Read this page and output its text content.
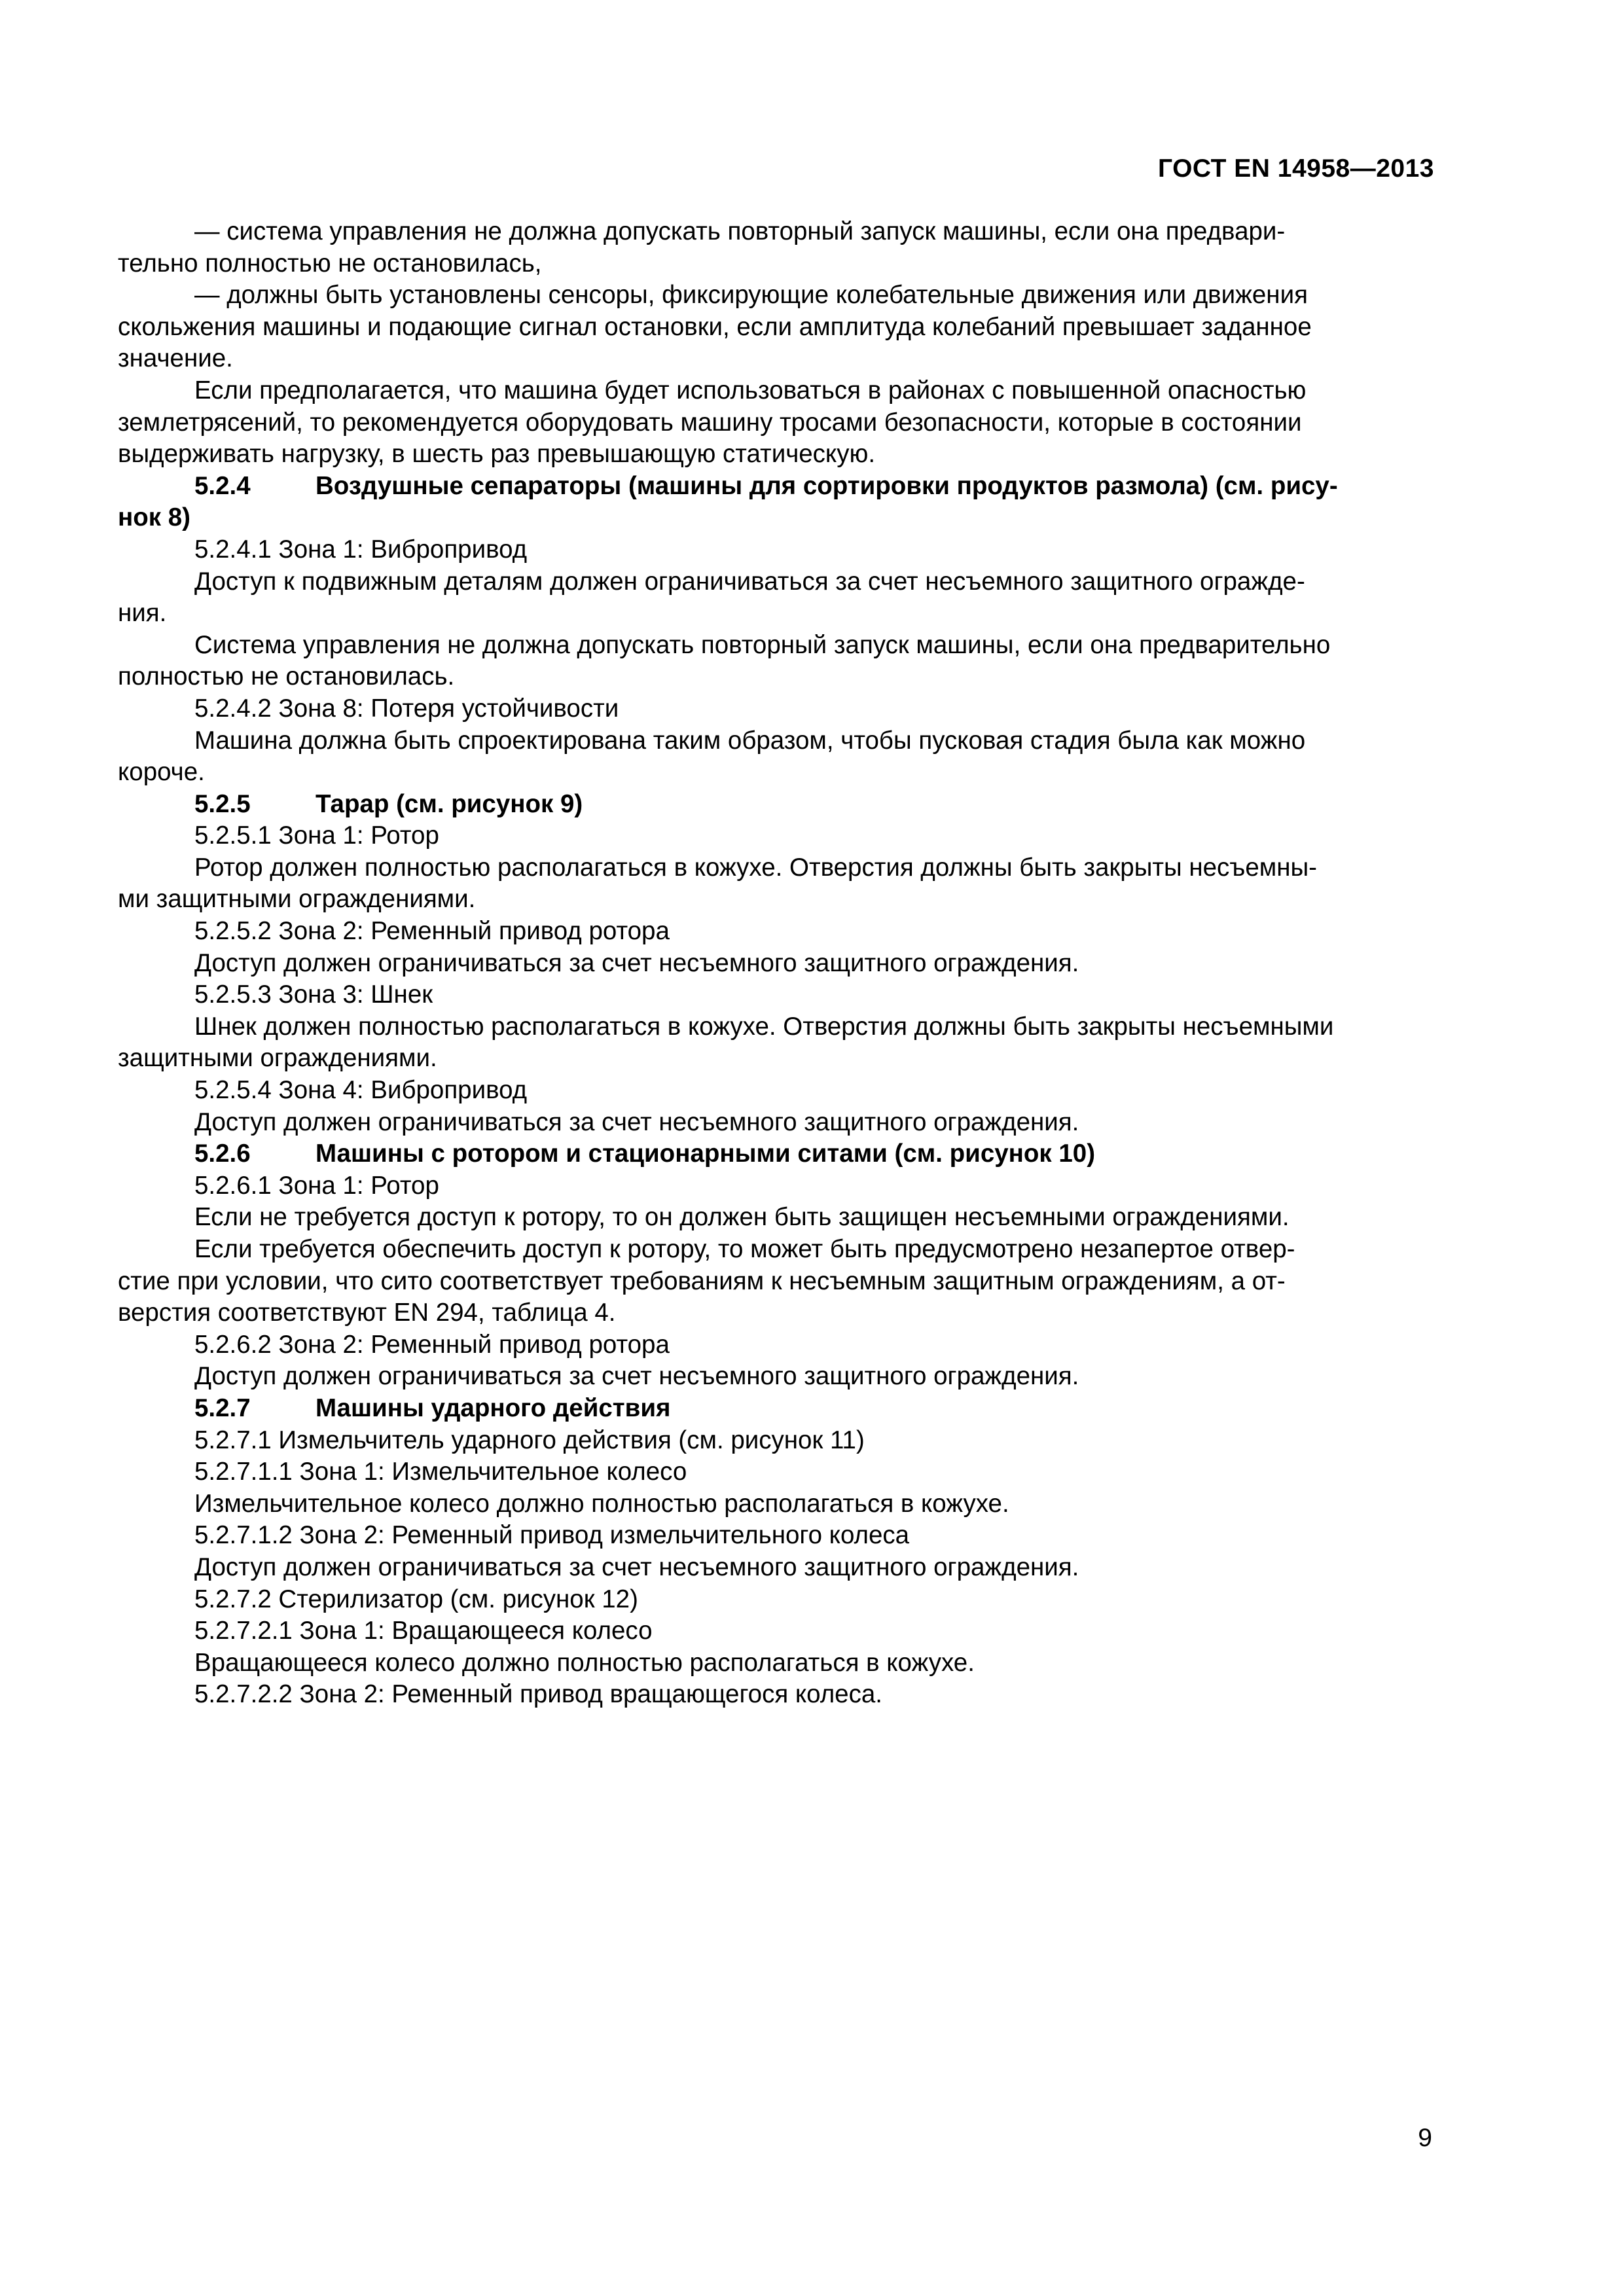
ГОСТ EN 14958—2013
— система управления не должна допускать повторный запуск машины, если она предвари-
тельно полностью не остановилась,
— должны быть установлены сенсоры, фиксирующие колебательные движения или движения
скольжения машины и подающие сигнал остановки, если амплитуда колебаний превышает заданное
значение.
Если предполагается, что машина будет использоваться в районах с повышенной опасностью
землетрясений, то рекомендуется оборудовать машину тросами безопасности, которые в состоянии
выдерживать нагрузку, в шесть раз превышающую статическую.
5.2.4	Воздушные сепараторы (машины для сортировки продуктов размола) (см. рису-
нок 8)
5.2.4.1 Зона 1: Вибропривод
Доступ к подвижным деталям должен ограничиваться за счет несъемного защитного огражде-
ния.
Система управления не должна допускать повторный запуск машины, если она предварительно
полностью не остановилась.
5.2.4.2 Зона 8: Потеря устойчивости
Машина должна быть спроектирована таким образом, чтобы пусковая стадия была как можно
короче.
5.2.5	Тарар (см. рисунок 9)
5.2.5.1 Зона 1: Ротор
Ротор должен полностью располагаться в кожухе. Отверстия должны быть закрыты несъемны-
ми защитными ограждениями.
5.2.5.2 Зона 2: Ременный привод ротора
Доступ должен ограничиваться за счет несъемного защитного ограждения.
5.2.5.3 Зона 3: Шнек
Шнек должен полностью располагаться в кожухе. Отверстия должны быть закрыты несъемными
защитными ограждениями.
5.2.5.4 Зона 4: Вибропривод
Доступ должен ограничиваться за счет несъемного защитного ограждения.
5.2.6	Машины с ротором и стационарными ситами (см. рисунок 10)
5.2.6.1 Зона 1: Ротор
Если не требуется доступ к ротору, то он должен быть защищен несъемными ограждениями.
Если требуется обеспечить доступ к ротору, то может быть предусмотрено незапертое отвер-
стие при условии, что сито соответствует требованиям к несъемным защитным ограждениям, а от-
верстия соответствуют EN 294, таблица 4.
5.2.6.2 Зона 2: Ременный привод ротора
Доступ должен ограничиваться за счет несъемного защитного ограждения.
5.2.7	Машины ударного действия
5.2.7.1 Измельчитель ударного действия (см. рисунок 11)
5.2.7.1.1 Зона 1: Измельчительное колесо
Измельчительное колесо должно полностью располагаться в кожухе.
5.2.7.1.2 Зона 2: Ременный привод измельчительного колеса
Доступ должен ограничиваться за счет несъемного защитного ограждения.
5.2.7.2 Стерилизатор (см. рисунок 12)
5.2.7.2.1 Зона 1: Вращающееся колесо
Вращающееся колесо должно полностью располагаться в кожухе.
5.2.7.2.2 Зона 2: Ременный привод вращающегося колеса.
9
